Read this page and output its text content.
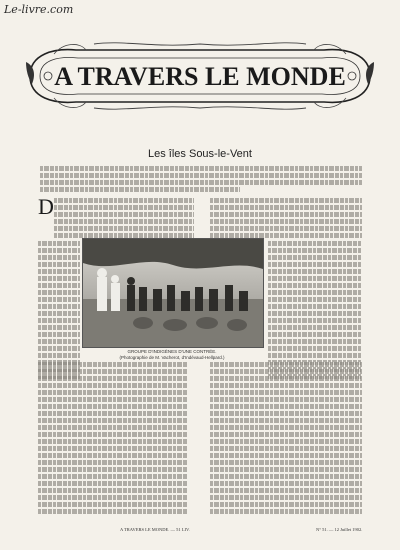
Le-livre.com
A TRAVERS LE MONDE
Les îles Sous-le-Vent
D
GROUPE D'INDIGÈNES D'UNE CONTRÉE.
(Photographie de M. Vacherot, d'Indévaud-Hellpard.)
A TRAVERS LE MONDE. — 51 LIV.	N° 51. — 12 Juillet 1902.
